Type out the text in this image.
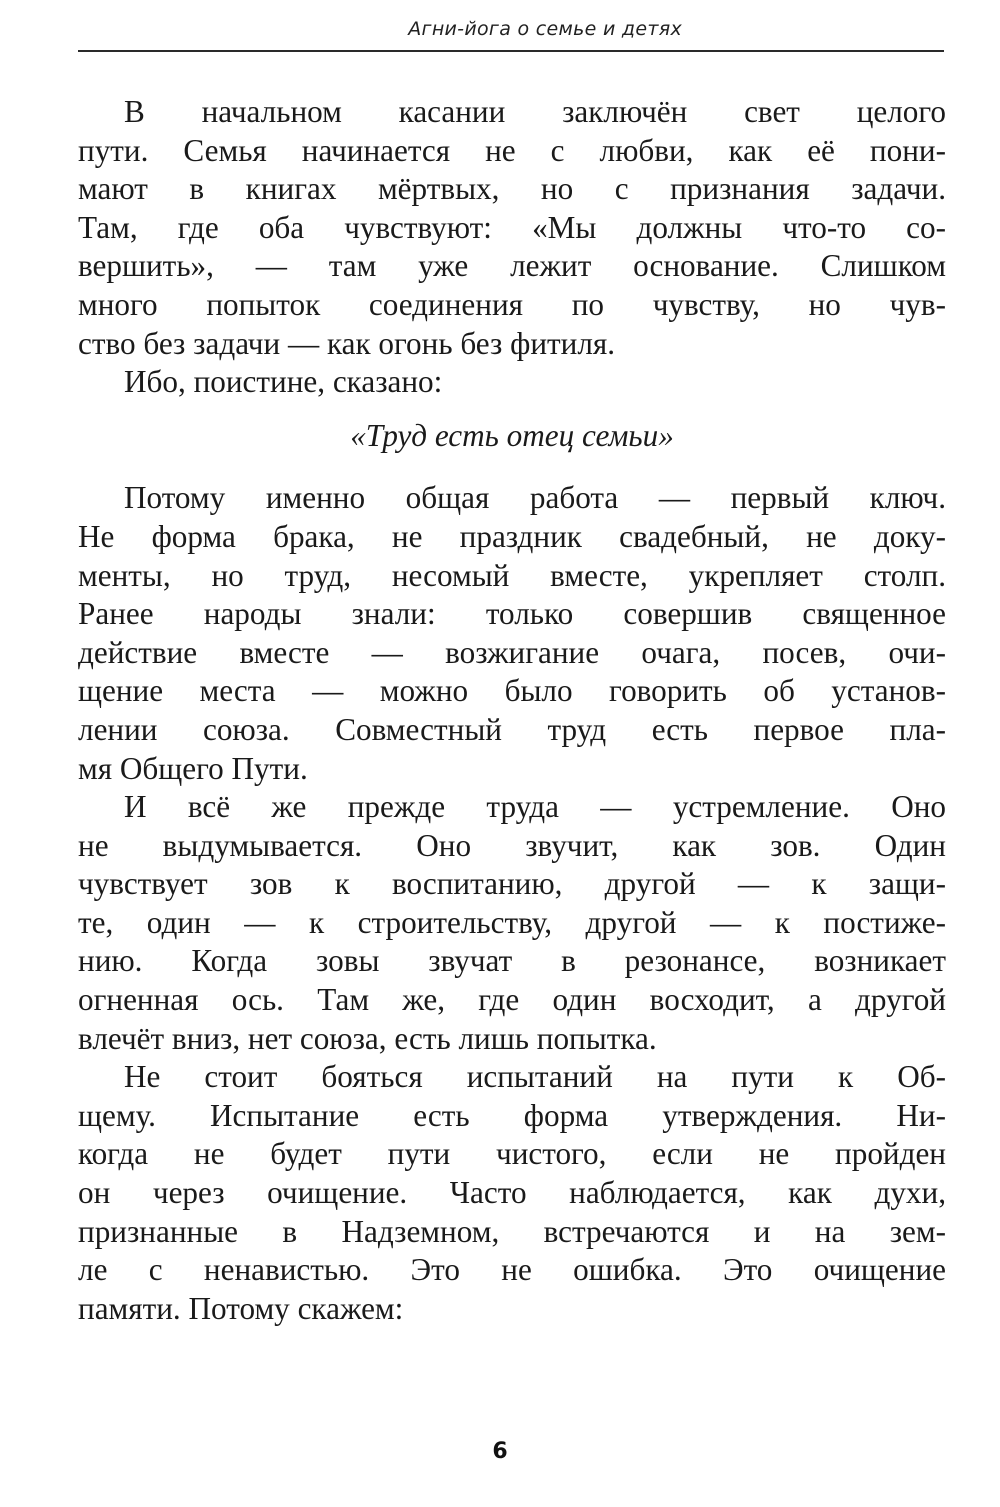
Агни-йога о семье и детях

В начальном касании заключён свет целого
пути. Семья начинается не с любви, как её пони-
мают в книгах мёртвых, но с признания задачи.
Там, где оба чувствуют: «Мы должны что-то со-
вершить», — там уже лежит основание. Слишком
много попыток соединения по чувству, но чув-
ство без задачи — как огонь без фитиля.

Ибо, поистине, сказано:

«Труд есть отец семьи»

Потому именно общая работа — первый ключ.
Не форма брака, не праздник свадебный, не доку-
менты, но труд, несомый вместе, укрепляет столп.
Ранее народы знали: только совершив священное
действие вместе — возжигание очага, посев, очи-
щение места — можно было говорить об установ-
лении союза. Совместный труд есть первое пла-
мя Общего Пути.

И всё же прежде труда — устремление. Оно
не выдумывается. Оно звучит, как зов. Один
чувствует зов к воспитанию, другой — к защи-
те, один — к строительству, другой — к постиже-
нию. Когда зовы звучат в резонансе, возникает
огненная ось. Там же, где один восходит, а другой
влечёт вниз, нет союза, есть лишь попытка.

Не стоит бояться испытаний на пути к Об-
щему. Испытание есть форма утверждения. Ни-
когда не будет пути чистого, если не пройден
он через очищение. Часто наблюдается, как духи,
признанные в Надземном, встречаются и на зем-
ле с ненавистью. Это не ошибка. Это очищение
памяти. Потому скажем:

6
